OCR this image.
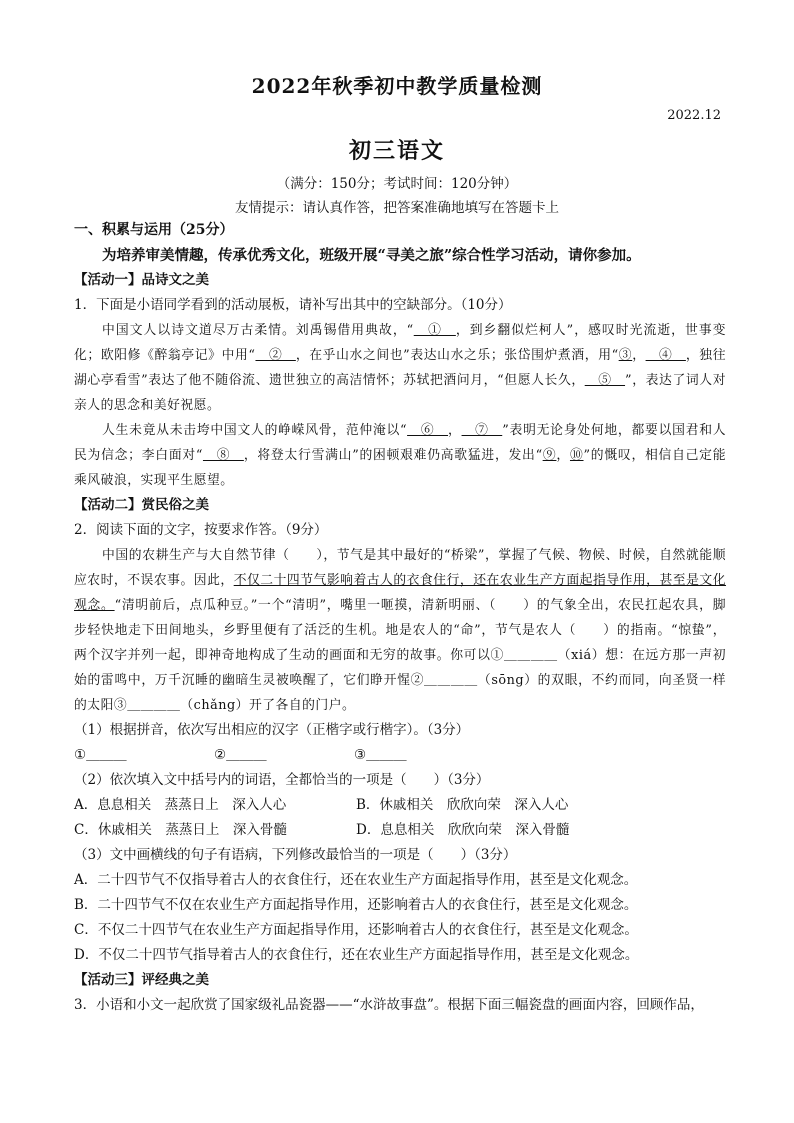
2022年秋季初中教学质量检测
2022.12
初三语文
（满分：150分；考试时间：120分钟）
友情提示：请认真作答，把答案准确地填写在答题卡上

一、积累与运用（25分）

为培养审美情趣，传承优秀文化，班级开展“寻美之旅”综合性学习活动，请你参加。

【活动一】品诗文之美

1．下面是小语同学看到的活动展板，请补写出其中的空缺部分。（10分）

中国文人以诗文道尽万古柔情。刘禹锡借用典故，“＿①＿，到乡翻似烂柯人”，感叹时光流逝，世事变化；欧阳修《醉翁亭记》中用“＿②＿，在乎山水之间也”表达山水之乐；张岱围炉煮酒，用“③，＿④＿，独往湖心亭看雪”表达了他不随俗流、遗世独立的高洁情怀；苏轼把酒问月，“但愿人长久，＿⑤＿”，表达了词人对亲人的思念和美好祝愿。

人生未竟从未击垮中国文人的峥嵘风骨，范仲淹以“＿⑥＿，＿⑦＿”表明无论身处何地，都要以国君和人民为信念；李白面对“＿⑧＿，将登太行雪满山”的困顿艰难仍高歌猛进，发出“⑨，⑩”的慨叹，相信自己定能乘风破浪，实现平生愿望。

【活动二】赏民俗之美

2．阅读下面的文字，按要求作答。（9分）

中国的农耕生产与大自然节律（　　），节气是其中最好的“桥梁”，掌握了气候、物候、时候，自然就能顺应农时，不误农事。因此，不仅二十四节气影响着古人的衣食住行，还在农业生产方面起指导作用，甚至是文化观念。“清明前后，点瓜种豆。”一个“清明”，嘴里一咂摸，清新明丽、（　　）的气象全出，农民扛起农具，脚步轻快地走下田间地头，乡野里便有了活泛的生机。地是农人的“命”，节气是农人（　　）的指南。“惊蛰”，两个汉字并列一起，即神奇地构成了生动的画面和无穷的故事。你可以①＿＿＿＿（xiá）想：在远方那一声初始的雷鸣中，万千沉睡的幽暗生灵被唤醒了，它们睁开惺②＿＿＿＿（sōng）的双眼，不约而同，向圣贤一样的太阳③＿＿＿＿（chǎng）开了各自的门户。

（1）根据拼音，依次写出相应的汉字（正楷字或行楷字）。（3分）

①＿＿＿	②＿＿＿	③＿＿＿

（2）依次填入文中括号内的词语，全都恰当的一项是（　　）（3分）

A．息息相关　蒸蒸日上　深入人心	B．休戚相关　欣欣向荣　深入人心

C．休戚相关　蒸蒸日上　深入骨髓	D．息息相关　欣欣向荣　深入骨髓

（3）文中画横线的句子有语病，下列修改最恰当的一项是（　　）（3分）

A．二十四节气不仅指导着古人的衣食住行，还在农业生产方面起指导作用，甚至是文化观念。

B．二十四节气不仅在农业生产方面起指导作用，还影响着古人的衣食住行，甚至是文化观念。

C．不仅二十四节气在农业生产方面起指导作用，还影响着古人的衣食住行，甚至是文化观念。

D．不仅二十四节气指导着古人的衣食住行，还在农业生产方面起指导作用，甚至是文化观念。

【活动三】评经典之美

3．小语和小文一起欣赏了国家级礼品瓷器——“水浒故事盘”。根据下面三幅瓷盘的画面内容，回顾作品，
